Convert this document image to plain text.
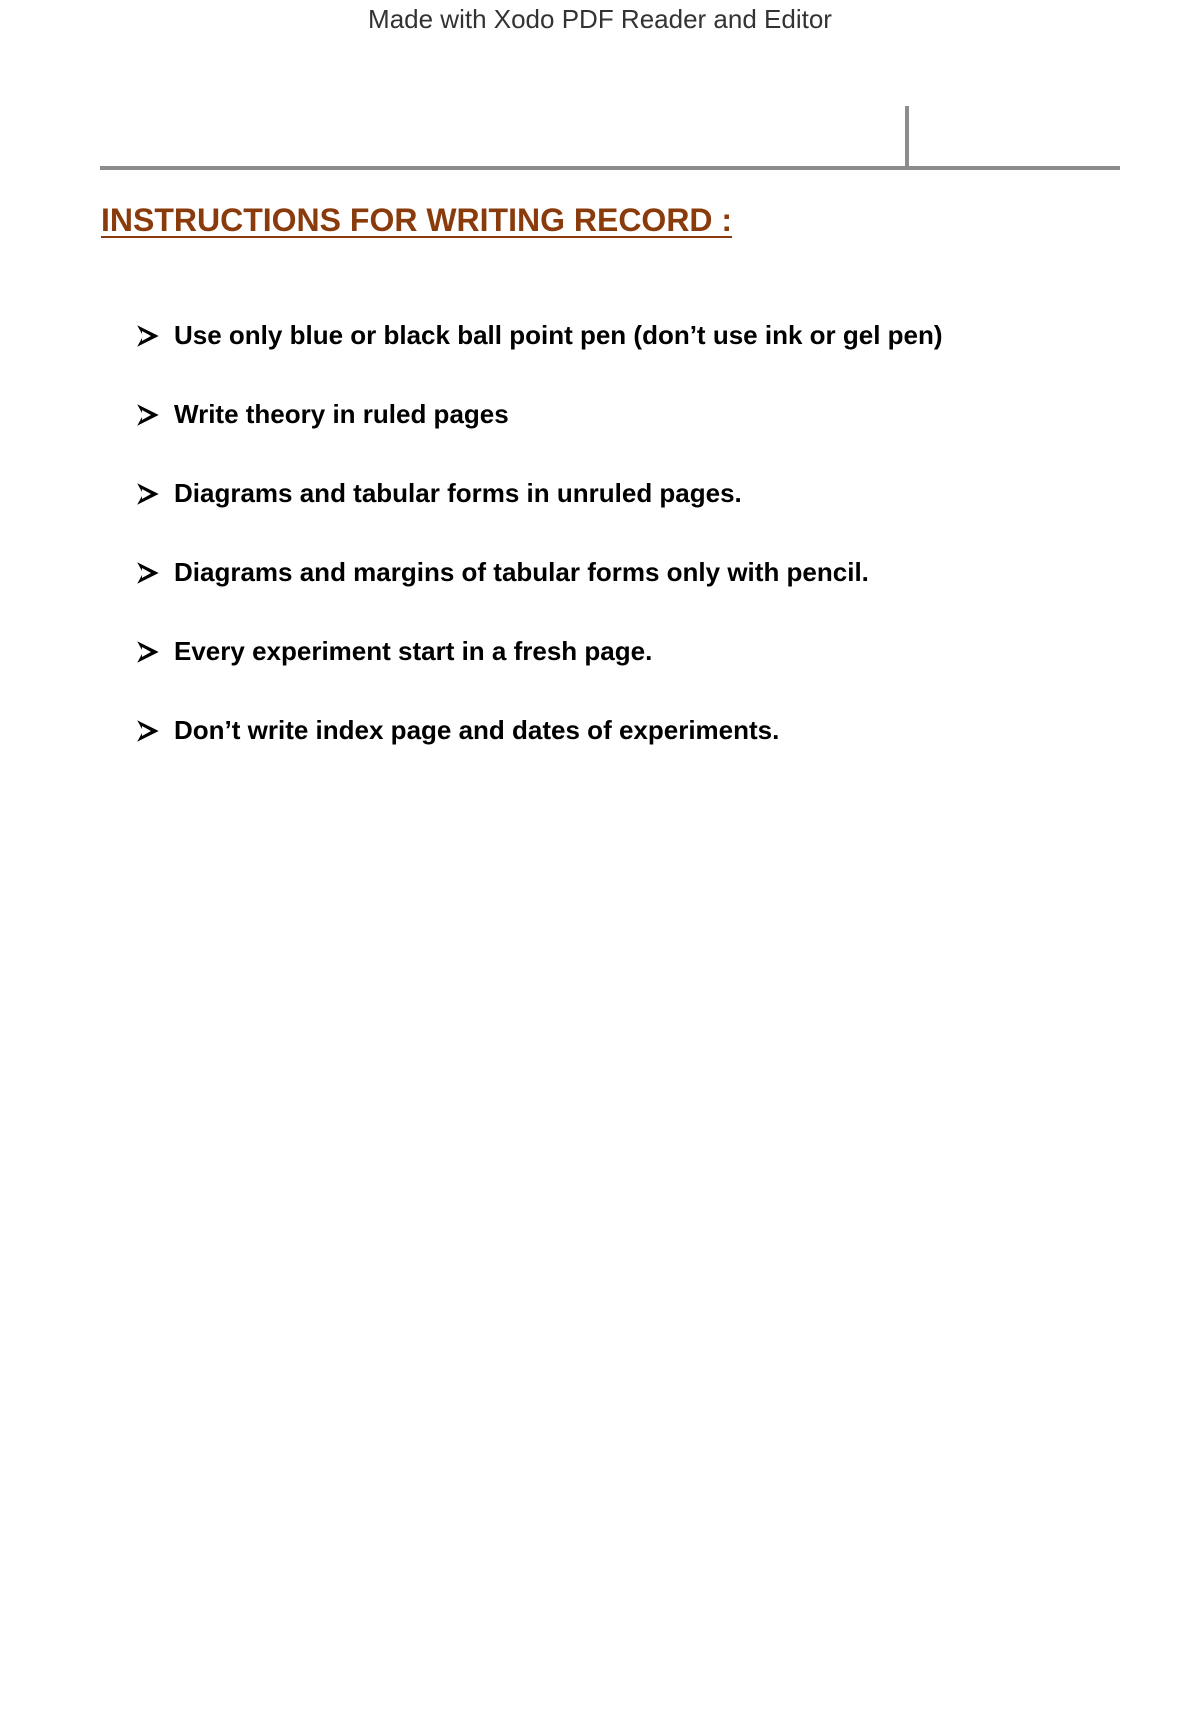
Made with Xodo PDF Reader and Editor
INSTRUCTIONS FOR WRITING RECORD :
Use only blue or black ball point pen (don’t use ink or gel pen)
Write theory in ruled pages
Diagrams and tabular forms in unruled pages.
Diagrams and margins of tabular forms only with pencil.
Every experiment start in a fresh page.
Don’t write index page and dates of experiments.
